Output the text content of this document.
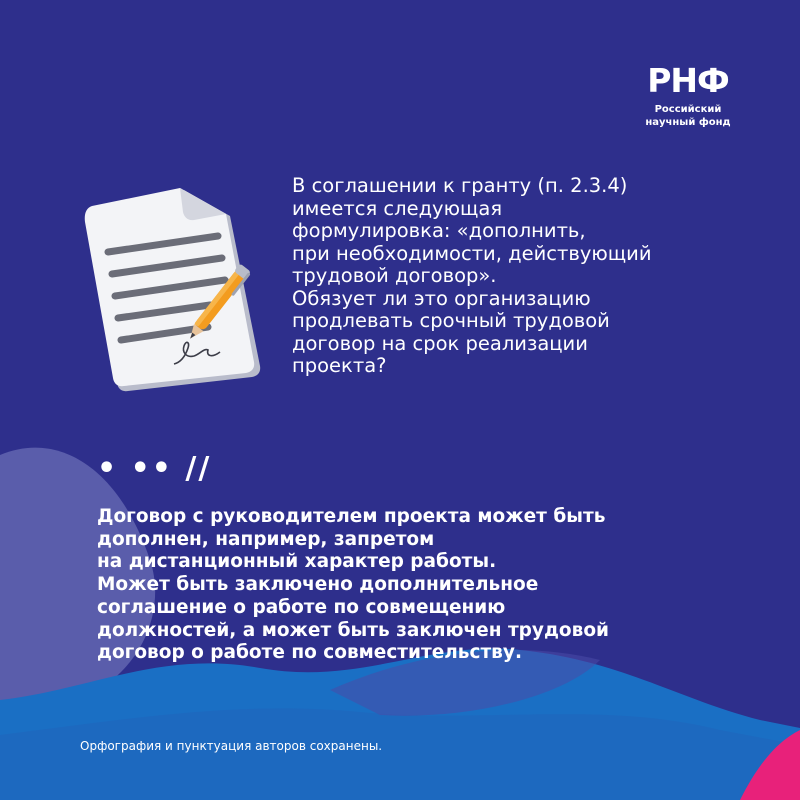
РНФ
Российский
научный фонд
В соглашении к гранту (п. 2.3.4)
имеется следующая
формулировка: «дополнить,
при необходимости, действующий
трудовой договор».
Обязует ли это организацию
продлевать срочный трудовой
договор на срок реализации
проекта?
• •• //
Договор с руководителем проекта может быть
дополнен, например, запретом
на дистанционный характер работы.
Может быть заключено дополнительное
соглашение о работе по совмещению
должностей, а может быть заключен трудовой
договор о работе по совместительству.
Орфография и пунктуация авторов сохранены.
